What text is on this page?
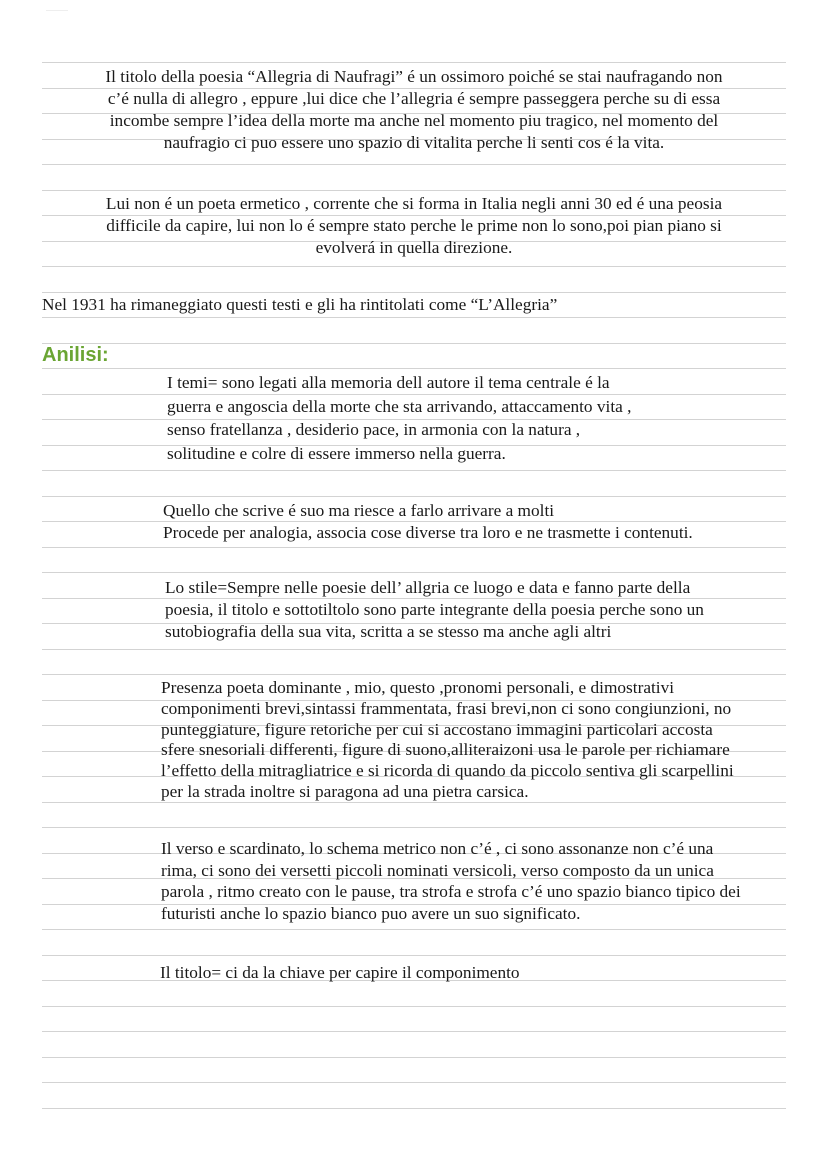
Il titolo della poesia “Allegria di Naufragi” é un ossimoro poiché se stai naufragando non
c’é nulla di allegro , eppure ,lui dice che l’allegria é sempre passeggera perche su di essa
incombe sempre l’idea della morte ma anche nel momento piu tragico, nel momento del
naufragio ci puo essere uno spazio di vitalita perche li senti cos é la vita.
Lui non é un poeta ermetico , corrente che si forma in Italia negli anni 30 ed é una peosia
difficile da capire, lui non lo é sempre stato perche le prime non lo sono,poi pian piano si
evolverá in quella direzione.
Nel 1931 ha rimaneggiato questi testi e gli ha rintitolati come “L’Allegria”
Anilisi:
I temi= sono legati alla memoria dell autore il tema centrale é la
guerra e angoscia della morte che sta arrivando, attaccamento vita ,
senso fratellanza , desiderio pace, in armonia con la natura ,
solitudine e colre di essere immerso nella guerra.
Quello che scrive é suo ma riesce a farlo arrivare a molti
Procede per analogia, associa cose diverse tra loro e ne trasmette i contenuti.
Lo stile=Sempre nelle poesie dell’ allgria ce luogo e data e fanno parte della
poesia, il titolo e sottotiltolo sono parte integrante della poesia perche sono un
sutobiografia della sua vita, scritta a se stesso ma anche agli altri
Presenza poeta dominante , mio, questo ,pronomi personali, e dimostrativi
componimenti brevi,sintassi frammentata, frasi brevi,non ci sono congiunzioni, no
punteggiature, figure retoriche per cui si accostano immagini particolari accosta
sfere snesoriali differenti, figure di suono,alliteraizoni usa le parole per richiamare
l’effetto della mitragliatrice e si ricorda di quando da piccolo sentiva gli scarpellini
per la strada inoltre si paragona ad una pietra carsica.
Il verso e scardinato, lo schema metrico non c’é , ci sono assonanze non c’é una
rima, ci sono dei versetti piccoli nominati versicoli, verso composto da un unica
parola , ritmo creato con le pause, tra strofa e strofa c’é uno spazio bianco tipico dei
futuristi anche lo spazio bianco puo avere un suo significato.
Il titolo= ci da la chiave per capire il componimento
